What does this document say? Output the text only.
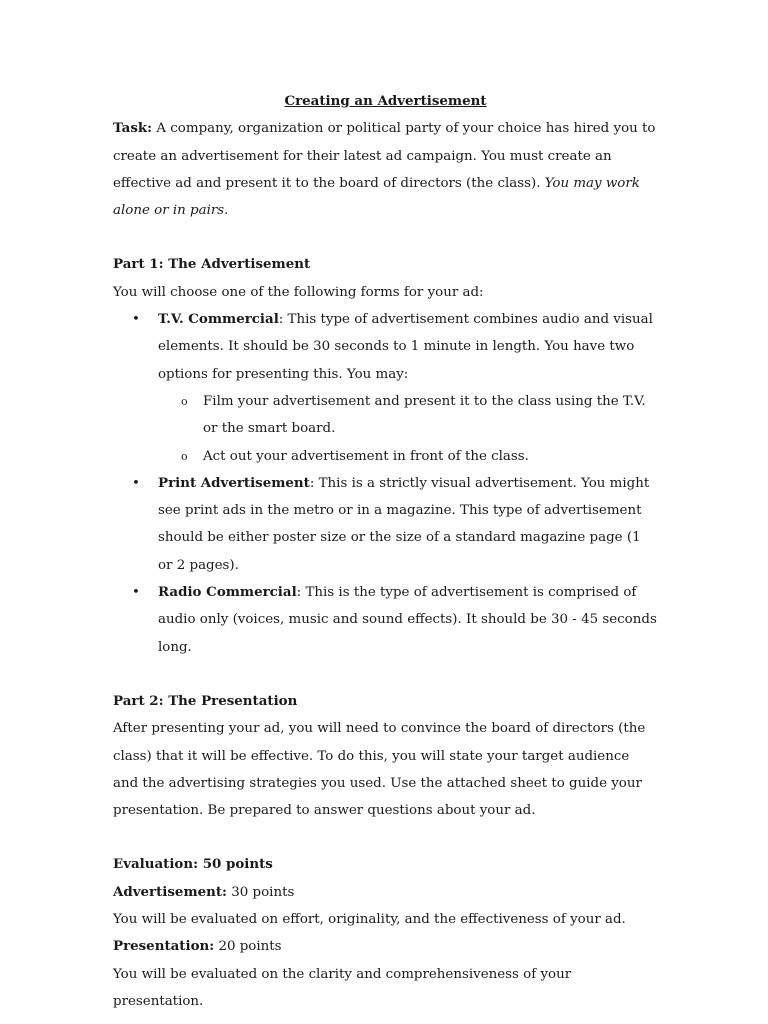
Creating an Advertisement

Task: A company, organization or political party of your choice has hired you to create an advertisement for their latest ad campaign. You must create an effective ad and present it to the board of directors (the class). You may work alone or in pairs.

Part 1: The Advertisement

You will choose one of the following forms for your ad:

• T.V. Commercial: This type of advertisement combines audio and visual elements. It should be 30 seconds to 1 minute in length. You have two options for presenting this. You may:
o Film your advertisement and present it to the class using the T.V. or the smart board.
o Act out your advertisement in front of the class.
• Print Advertisement: This is a strictly visual advertisement. You might see print ads in the metro or in a magazine. This type of advertisement should be either poster size or the size of a standard magazine page (1 or 2 pages).
• Radio Commercial: This is the type of advertisement is comprised of audio only (voices, music and sound effects). It should be 30 - 45 seconds long.

Part 2: The Presentation

After presenting your ad, you will need to convince the board of directors (the class) that it will be effective. To do this, you will state your target audience and the advertising strategies you used. Use the attached sheet to guide your presentation. Be prepared to answer questions about your ad.

Evaluation: 50 points

Advertisement: 30 points

You will be evaluated on effort, originality, and the effectiveness of your ad.

Presentation: 20 points

You will be evaluated on the clarity and comprehensiveness of your presentation.
